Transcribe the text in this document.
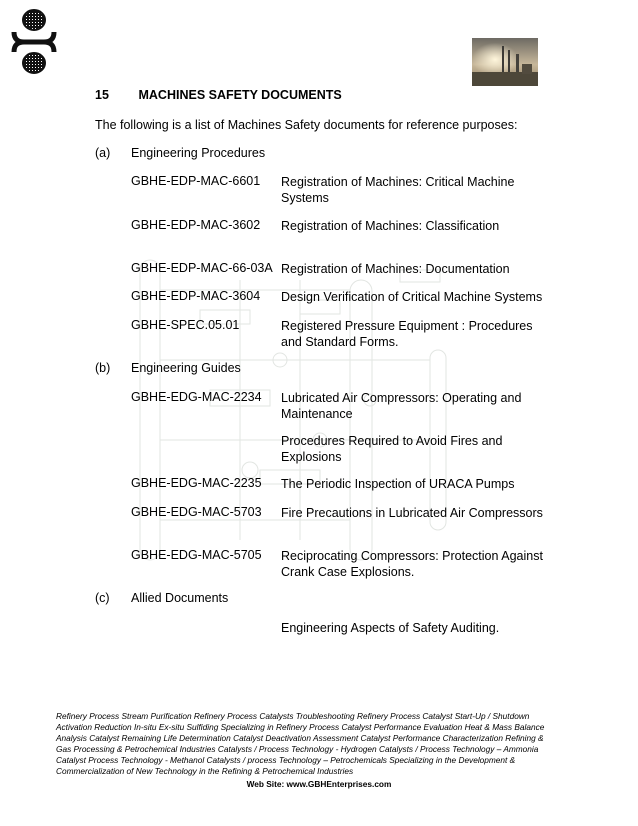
15 MACHINES SAFETY DOCUMENTS
The following is a list of Machines Safety documents for reference purposes:
(a) Engineering Procedures
GBHE-EDP-MAC-6601 Registration of Machines: Critical Machine Systems
GBHE-EDP-MAC-3602 Registration of Machines: Classification
GBHE-EDP-MAC-66-03A Registration of Machines: Documentation
GBHE-EDP-MAC-3604 Design Verification of Critical Machine Systems
GBHE-SPEC.05.01	Registered Pressure Equipment : Procedures and Standard Forms.
(b) Engineering Guides
GBHE-EDG-MAC-2234 Lubricated Air Compressors: Operating and Maintenance
Procedures Required to Avoid Fires and Explosions
GBHE-EDG-MAC-2235 The Periodic Inspection of URACA Pumps
GBHE-EDG-MAC-5703 Fire Precautions in Lubricated Air Compressors
GBHE-EDG-MAC-5705 Reciprocating Compressors: Protection Against Crank Case Explosions.
(c) Allied Documents
Engineering Aspects of Safety Auditing.
Refinery Process Stream Purification Refinery Process Catalysts Troubleshooting Refinery Process Catalyst Start-Up / Shutdown Activation Reduction In-situ Ex-situ Sulfiding Specializing in Refinery Process Catalyst Performance Evaluation Heat & Mass Balance Analysis Catalyst Remaining Life Determination Catalyst Deactivation Assessment Catalyst Performance Characterization Refining & Gas Processing & Petrochemical Industries Catalysts / Process Technology - Hydrogen Catalysts / Process Technology – Ammonia Catalyst Process Technology - Methanol Catalysts / process Technology – Petrochemicals Specializing in the Development & Commercialization of New Technology in the Refining & Petrochemical Industries
Web Site: www.GBHEnterprises.com
